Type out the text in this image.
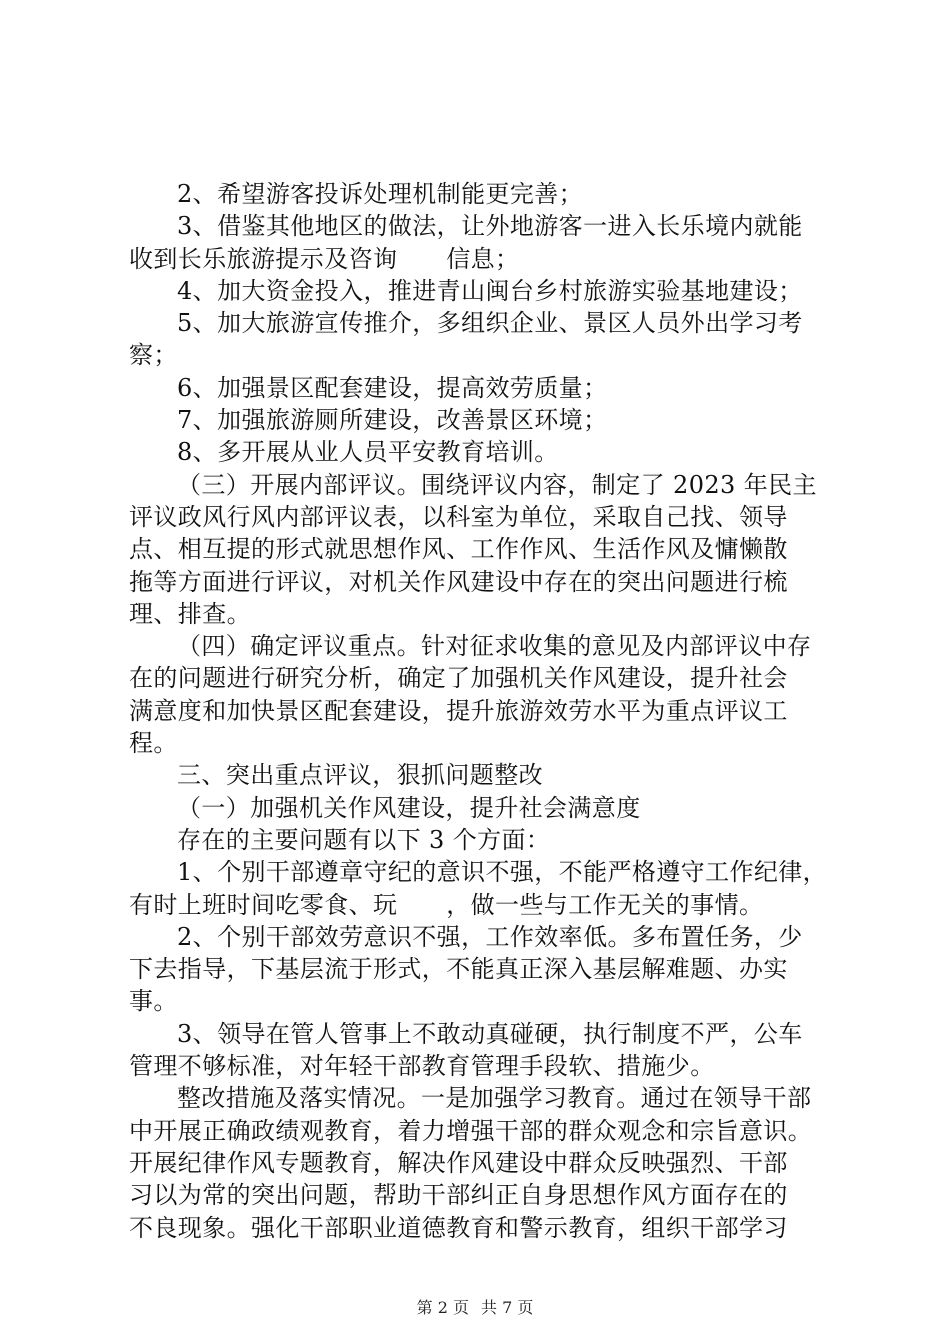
2、希望游客投诉处理机制能更完善；
3、借鉴其他地区的做法，让外地游客一进入长乐境内就能
收到长乐旅游提示及咨询　　信息；
4、加大资金投入，推进青山闽台乡村旅游实验基地建设；
5、加大旅游宣传推介，多组织企业、景区人员外出学习考
察；
6、加强景区配套建设，提高效劳质量；
7、加强旅游厕所建设，改善景区环境；
8、多开展从业人员平安教育培训。
（三）开展内部评议。围绕评议内容，制定了 2023 年民主
评议政风行风内部评议表，以科室为单位，采取自己找、领导
点、相互提的形式就思想作风、工作作风、生活作风及慵懒散
拖等方面进行评议，对机关作风建设中存在的突出问题进行梳
理、排查。
（四）确定评议重点。针对征求收集的意见及内部评议中存
在的问题进行研究分析，确定了加强机关作风建设，提升社会
满意度和加快景区配套建设，提升旅游效劳水平为重点评议工
程。
三、突出重点评议，狠抓问题整改
（一）加强机关作风建设，提升社会满意度
存在的主要问题有以下 3 个方面：
1、个别干部遵章守纪的意识不强，不能严格遵守工作纪律，
有时上班时间吃零食、玩　　，做一些与工作无关的事情。
2、个别干部效劳意识不强，工作效率低。多布置任务，少
下去指导，下基层流于形式，不能真正深入基层解难题、办实
事。
3、领导在管人管事上不敢动真碰硬，执行制度不严，公车
管理不够标准，对年轻干部教育管理手段软、措施少。
整改措施及落实情况。一是加强学习教育。通过在领导干部
中开展正确政绩观教育，着力增强干部的群众观念和宗旨意识。
开展纪律作风专题教育，解决作风建设中群众反映强烈、干部
习以为常的突出问题，帮助干部纠正自身思想作风方面存在的
不良现象。强化干部职业道德教育和警示教育，组织干部学习
第 2 页 共 7 页
